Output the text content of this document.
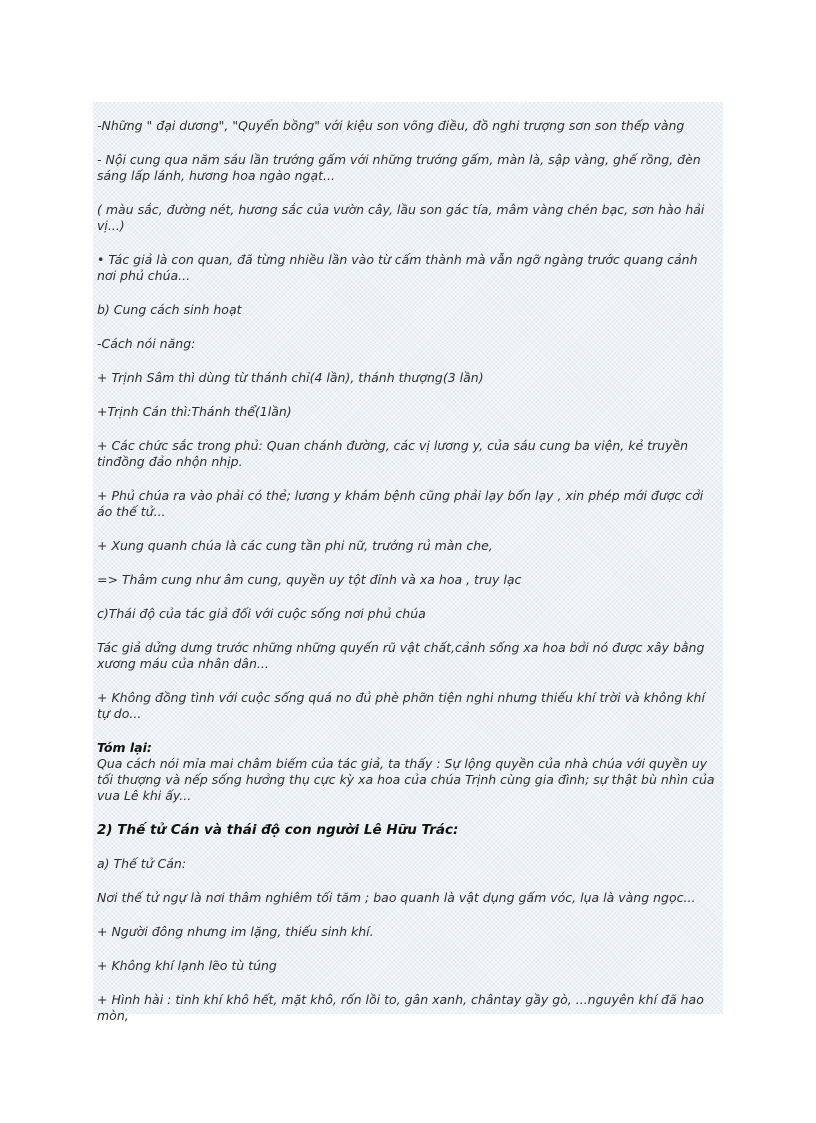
-Những " đại dương", "Quyển bồng" với kiệu son võng điều, đồ nghi trượng sơn son thếp vàng

- Nội cung qua năm sáu lần trướng gấm với những trướng gấm, màn là, sập vàng, ghế rồng, đèn sáng lấp lánh, hương hoa ngào ngạt...

( màu sắc, đường nét, hương sắc của vườn cây, lầu son gác tía, mâm vàng chén bạc, sơn hào hải vị...)

• Tác giả là con quan, đã từng nhiều lần vào từ cấm thành mà vẫn ngỡ ngàng trước quang cảnh nơi phủ chúa...

b) Cung cách sinh hoạt

-Cách nói năng:

+ Trịnh Sâm thì dùng từ thánh chỉ(4 lần), thánh thượng(3 lần)

+Trịnh Cán thì:Thánh thể(1lần)

+ Các chức sắc trong phủ: Quan chánh đường, các vị lương y, của sáu cung ba viện, kẻ truyền tinđồng đảo nhộn nhịp.

+ Phủ chúa ra vào phải có thẻ; lương y khám bệnh cũng phải lạy bốn lạy , xin phép mới được cởi áo thế tử...

+ Xung quanh chúa là các cung tần phi nữ, trướng rủ màn che,

=> Thâm cung như âm cung, quyền uy tột đỉnh và xa hoa , truy lạc

c)Thái độ của tác giả đối với cuộc sống nơi phủ chúa

Tác giả dửng dưng trước những những quyến rũ vật chất,cảnh sống xa hoa bởi nó được xây bằng xương máu của nhân dân...

+ Không đồng tình với cuộc sống quá no đủ phè phỡn tiện nghi nhưng thiếu khí trời và không khí tự do...

Tóm lại:

Qua cách nói mỉa mai châm biếm của tác giả, ta thấy : Sự lộng quyền của nhà chúa với quyền uy tối thượng và nếp sống hưởng thụ cực kỳ xa hoa của chúa Trịnh cùng gia đình; sự thật bù nhìn của vua Lê khi ấy...

2) Thế tử Cán và thái độ con người Lê Hữu Trác:

a) Thế tử Cán:

Nơi thế tử ngự là nơi thâm nghiêm tối tăm ; bao quanh là vật dụng gấm vóc, lụa là vàng ngọc...

+ Người đông nhưng im lặng, thiếu sinh khí.

+ Không khí lạnh lẽo tù túng

+ Hình hài : tinh khí khô hết, mặt khô, rốn lồi to, gân xanh, chântay gầy gò, ...nguyên khí đã hao mòn,
